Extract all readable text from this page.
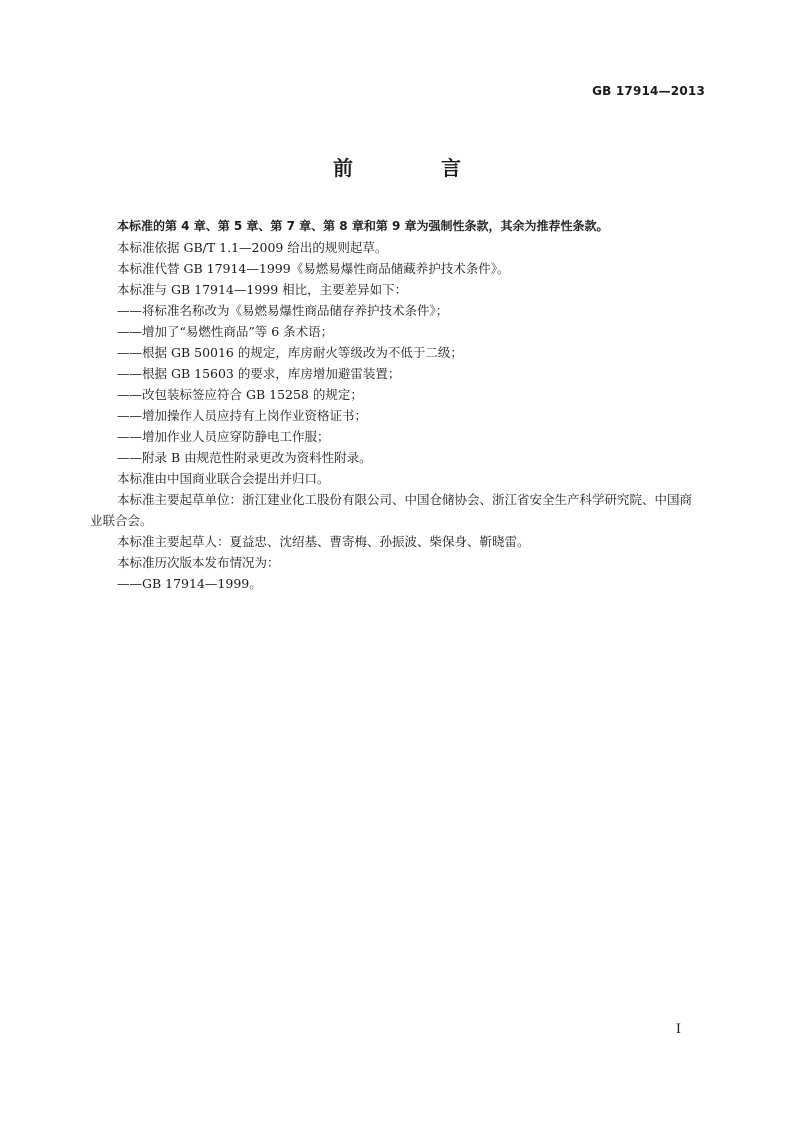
GB 17914—2013
前　言

本标准的第 4 章、第 5 章、第 7 章、第 8 章和第 9 章为强制性条款，其余为推荐性条款。

本标准依据 GB/T 1.1—2009 给出的规则起草。

本标准代替 GB 17914—1999《易燃易爆性商品储藏养护技术条件》。

本标准与 GB 17914—1999 相比，主要差异如下：

——将标准名称改为《易燃易爆性商品储存养护技术条件》；

——增加了“易燃性商品”等 6 条术语；

——根据 GB 50016 的规定，库房耐火等级改为不低于二级；

——根据 GB 15603 的要求，库房增加避雷装置；

——改包装标签应符合 GB 15258 的规定；

——增加操作人员应持有上岗作业资格证书；

——增加作业人员应穿防静电工作服；

——附录 B 由规范性附录更改为资料性附录。

本标准由中国商业联合会提出并归口。

本标准主要起草单位：浙江建业化工股份有限公司、中国仓储协会、浙江省安全生产科学研究院、中国商业联合会。

本标准主要起草人：夏益忠、沈绍基、曹寄梅、孙振波、柴保身、靳晓雷。

本标准历次版本发布情况为：

——GB 17914—1999。

I
